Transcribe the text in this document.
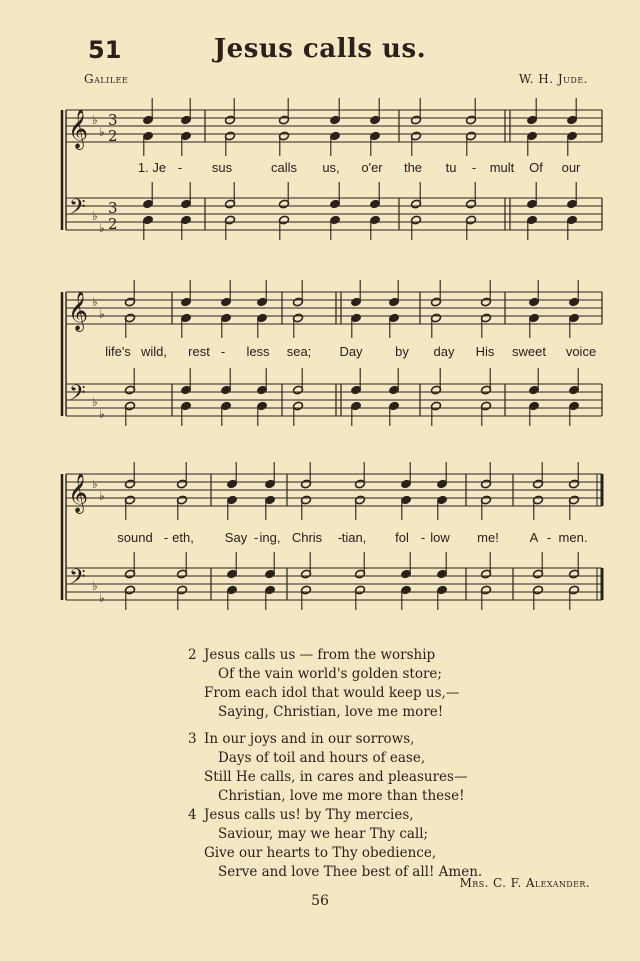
51	Jesus calls us.
Galilee	W. H. Jude.
𝄞
𝄢
♭
♭
♭
♭
3
2
3
2
𝄞
𝄢
♭
♭
♭
♭
𝄞
𝄢
♭
♭
♭
♭
1. Je - sus	calls us, o'er the tu - mult Of our
life's wild, rest - less sea; Day	by day His sweet voice
sound - eth, Say - ing, Chris - tian, fol - low me! A - men.
2 Jesus calls us — from the worship
Of the vain world's golden store;
From each idol that would keep us,—
Saying, Christian, love me more!
3 In our joys and in our sorrows,
Days of toil and hours of ease,
Still He calls, in cares and pleasures—
Christian, love me more than these!
4 Jesus calls us! by Thy mercies,
Saviour, may we hear Thy call;
Give our hearts to Thy obedience,
Serve and love Thee best of all! Amen.
Mrs. C. F. Alexander.
56
